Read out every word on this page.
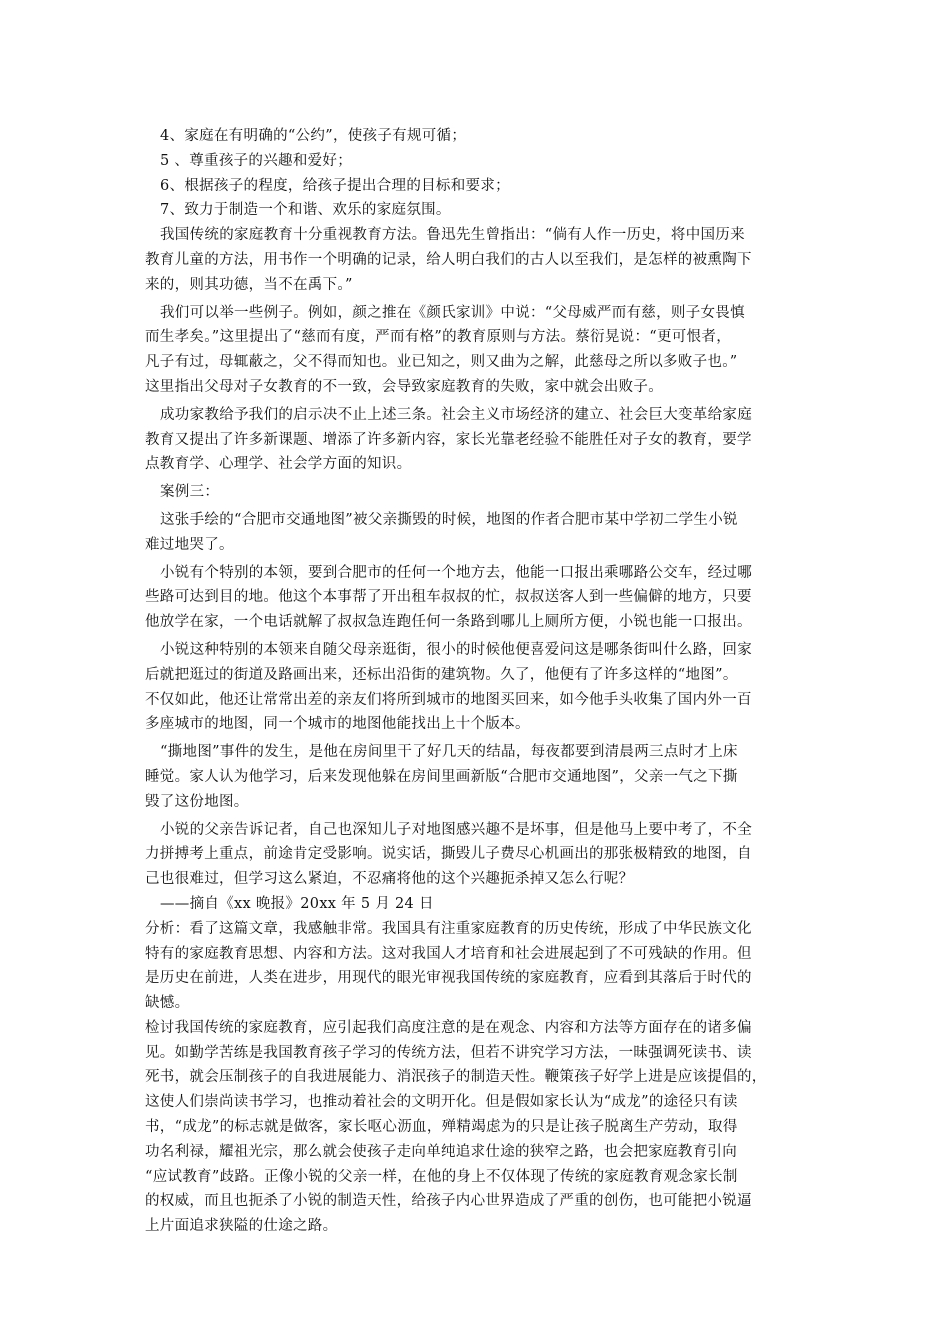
4、家庭在有明确的“公约”，使孩子有规可循；

5 、尊重孩子的兴趣和爱好；

6、根据孩子的程度，给孩子提出合理的目标和要求；

7、致力于制造一个和谐、欢乐的家庭氛围。

我国传统的家庭教育十分重视教育方法。鲁迅先生曾指出：“倘有人作一历史，将中国历来

教育儿童的方法，用书作一个明确的记录，给人明白我们的古人以至我们，是怎样的被熏陶下

来的，则其功德，当不在禹下。”

我们可以举一些例子。例如，颜之推在《颜氏家训》中说：“父母威严而有慈，则子女畏慎

而生孝矣。”这里提出了“慈而有度，严而有格”的教育原则与方法。蔡衍晃说：“更可恨者，

凡子有过，母辄蔽之，父不得而知也。业已知之，则又曲为之解，此慈母之所以多败子也。”

这里指出父母对子女教育的不一致，会导致家庭教育的失败，家中就会出败子。

成功家教给予我们的启示决不止上述三条。社会主义市场经济的建立、社会巨大变革给家庭

教育又提出了许多新课题、增添了许多新内容，家长光靠老经验不能胜任对子女的教育，要学

点教育学、心理学、社会学方面的知识。

案例三：

这张手绘的“合肥市交通地图”被父亲撕毁的时候，地图的作者合肥市某中学初二学生小锐

难过地哭了。

小锐有个特别的本领，要到合肥市的任何一个地方去，他能一口报出乘哪路公交车，经过哪

些路可达到目的地。他这个本事帮了开出租车叔叔的忙，叔叔送客人到一些偏僻的地方，只要

他放学在家，一个电话就解了叔叔急连跑任何一条路到哪儿上厕所方便，小锐也能一口报出。

小锐这种特别的本领来自随父母亲逛街，很小的时候他便喜爱问这是哪条街叫什么路，回家

后就把逛过的街道及路画出来，还标出沿街的建筑物。久了，他便有了许多这样的“地图”。

不仅如此，他还让常常出差的亲友们将所到城市的地图买回来，如今他手头收集了国内外一百

多座城市的地图，同一个城市的地图他能找出上十个版本。

“撕地图”事件的发生，是他在房间里干了好几天的结晶，每夜都要到清晨两三点时才上床

睡觉。家人认为他学习，后来发现他躲在房间里画新版“合肥市交通地图”，父亲一气之下撕

毁了这份地图。

小锐的父亲告诉记者，自己也深知儿子对地图感兴趣不是坏事，但是他马上要中考了，不全

力拼搏考上重点，前途肯定受影响。说实话，撕毁儿子费尽心机画出的那张极精致的地图，自

己也很难过，但学习这么紧迫，不忍痛将他的这个兴趣扼杀掉又怎么行呢？

——摘自《xx 晚报》20xx 年 5 月 24 日

分析：看了这篇文章，我感触非常。我国具有注重家庭教育的历史传统，形成了中华民族文化

特有的家庭教育思想、内容和方法。这对我国人才培育和社会进展起到了不可残缺的作用。但

是历史在前进，人类在进步，用现代的眼光审视我国传统的家庭教育，应看到其落后于时代的

缺憾。

检讨我国传统的家庭教育，应引起我们高度注意的是在观念、内容和方法等方面存在的诸多偏

见。如勤学苦练是我国教育孩子学习的传统方法，但若不讲究学习方法，一昧强调死读书、读

死书，就会压制孩子的自我进展能力、消泯孩子的制造天性。鞭策孩子好学上进是应该提倡的，

这使人们崇尚读书学习，也推动着社会的文明开化。但是假如家长认为“成龙”的途径只有读

书，“成龙”的标志就是做客，家长呕心沥血，殚精竭虑为的只是让孩子脱离生产劳动，取得

功名利禄，耀祖光宗，那么就会使孩子走向单纯追求仕途的狭窄之路，也会把家庭教育引向

“应试教育”歧路。正像小锐的父亲一样，在他的身上不仅体现了传统的家庭教育观念家长制

的权威，而且也扼杀了小锐的制造天性，给孩子内心世界造成了严重的创伤，也可能把小锐逼

上片面追求狭隘的仕途之路。
